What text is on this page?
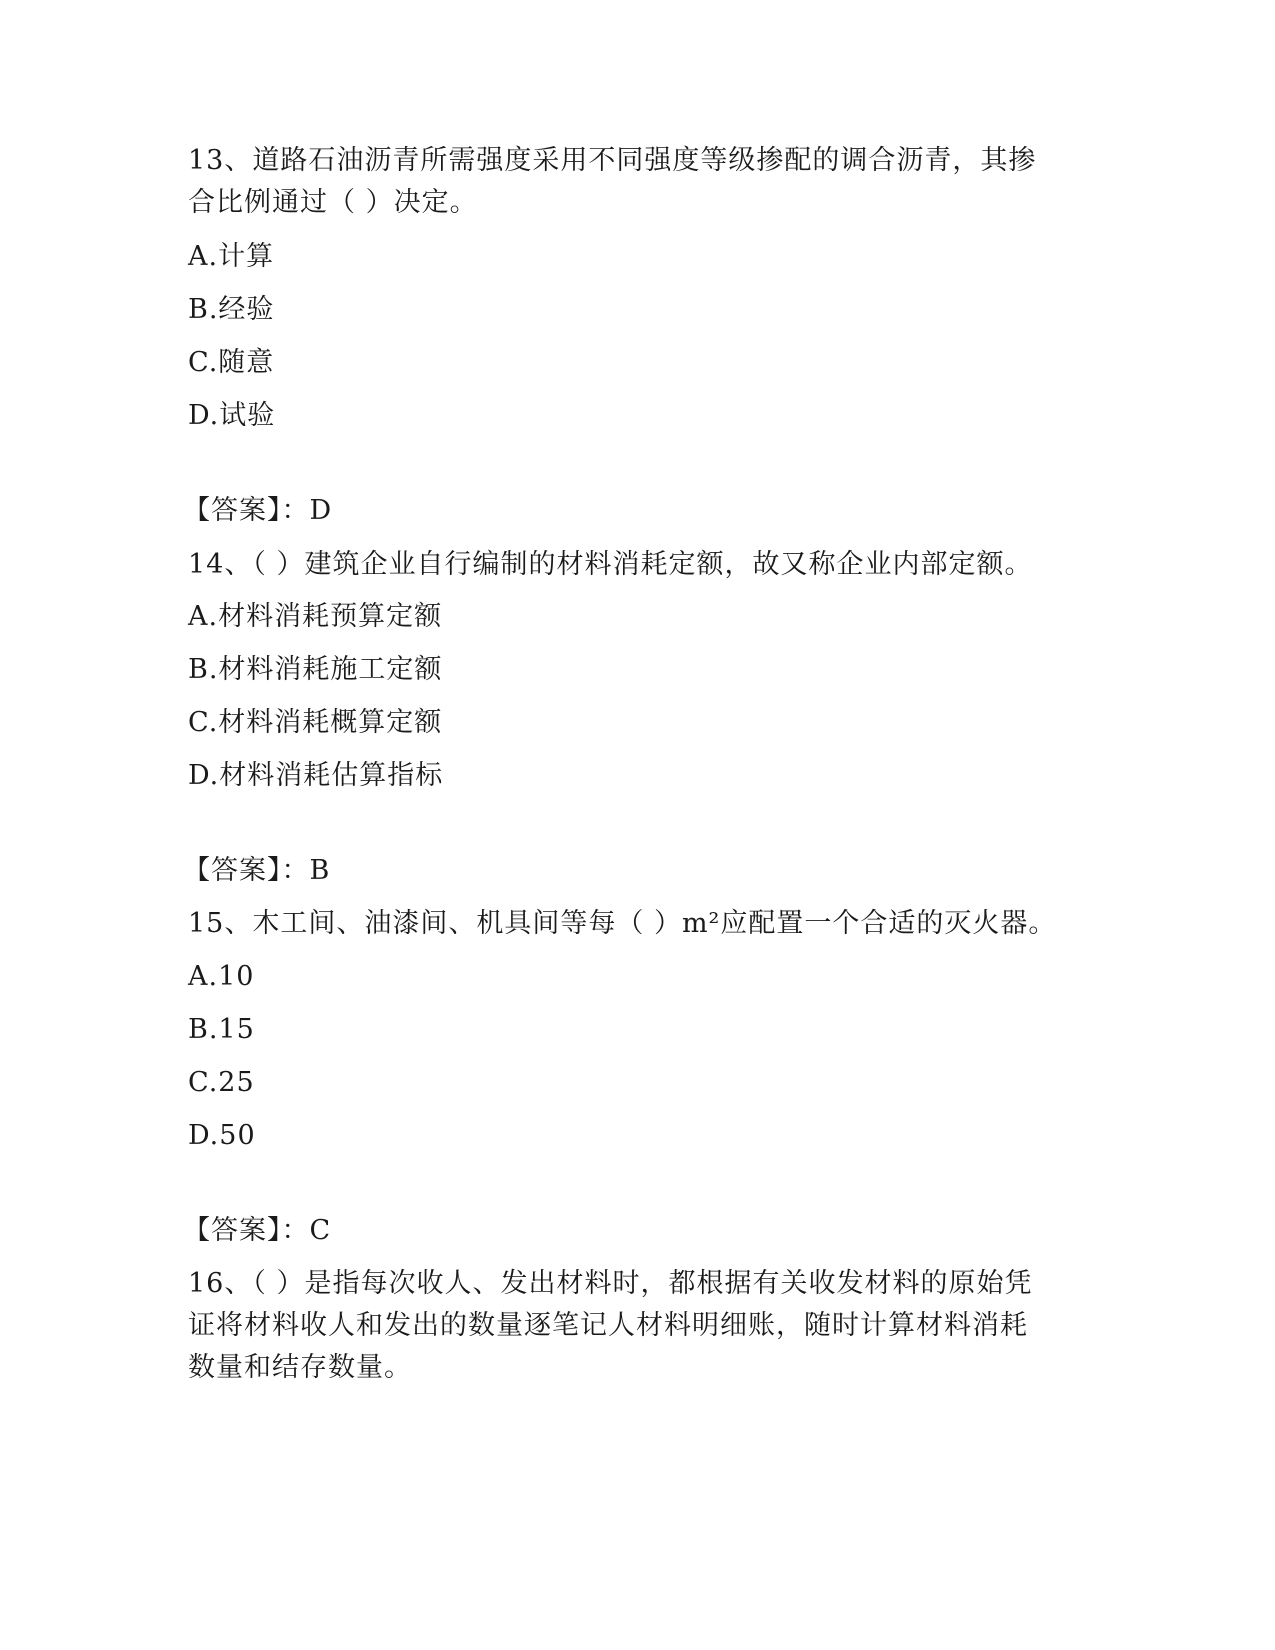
13、道路石油沥青所需强度采用不同强度等级掺配的调合沥青，其掺
合比例通过（ ）决定。
A.计算
B.经验
C.随意
D.试验
【答案】：D
14、（ ）建筑企业自行编制的材料消耗定额，故又称企业内部定额。
A.材料消耗预算定额
B.材料消耗施工定额
C.材料消耗概算定额
D.材料消耗估算指标
【答案】：B
15、木工间、油漆间、机具间等每（ ）m²应配置一个合适的灭火器。
A.10
B.15
C.25
D.50
【答案】：C
16、（ ）是指每次收人、发出材料时，都根据有关收发材料的原始凭
证将材料收人和发出的数量逐笔记人材料明细账，随时计算材料消耗
数量和结存数量。
